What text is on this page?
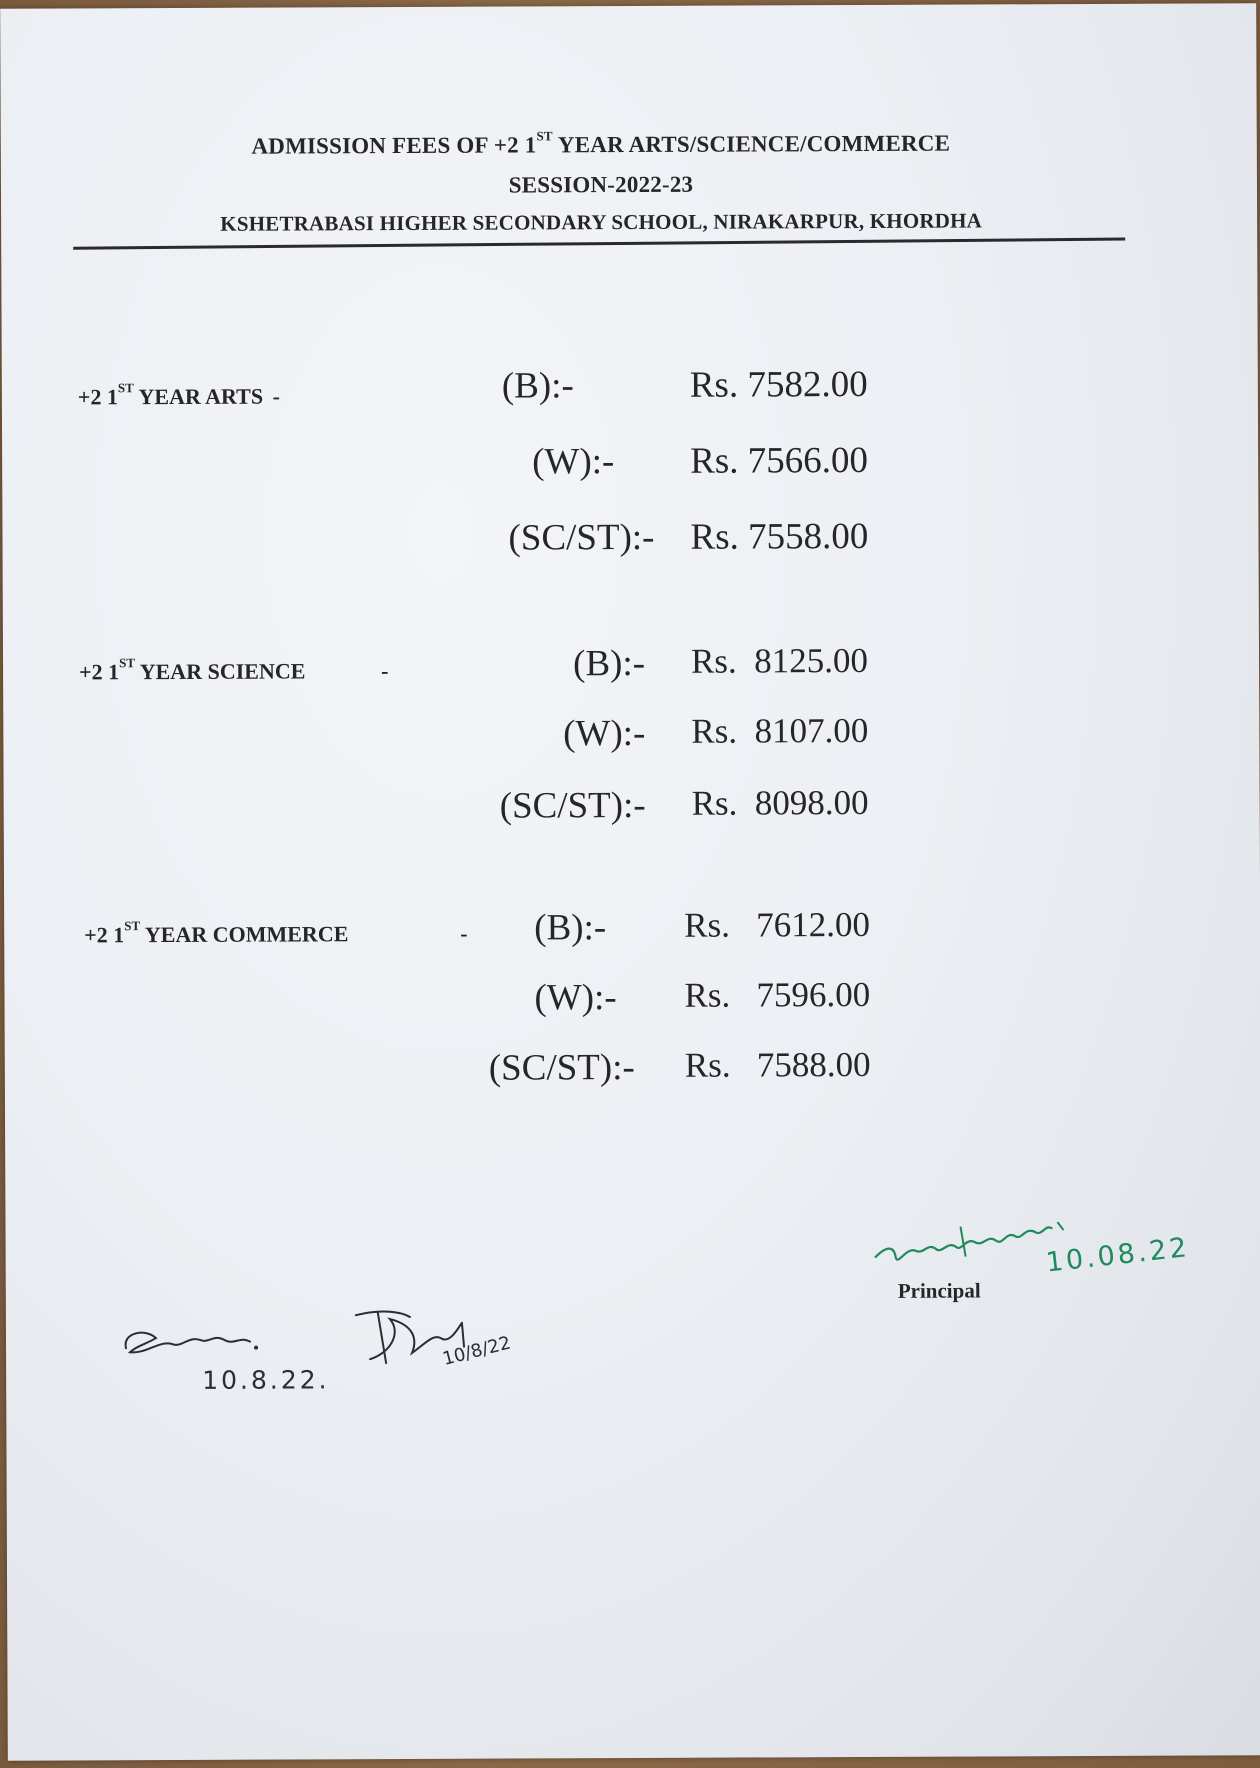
ADMISSION FEES OF +2 1ST YEAR ARTS/SCIENCE/COMMERCE
SESSION-2022-23
KSHETRABASI HIGHER SECONDARY SCHOOL, NIRAKARPUR, KHORDHA
+2 1ST YEAR ARTS -	(B):-	Rs. 7582.00
(W):-	Rs. 7566.00
(SC/ST):- Rs. 7558.00
+2 1ST YEAR SCIENCE	-	(B):- Rs.  8125.00
(W):- Rs.  8107.00
(SC/ST):- Rs.  8098.00
+2 1ST YEAR COMMERCE	- (B):-	Rs.   7612.00
(W):-	Rs.   7596.00
(SC/ST):-	Rs.   7588.00
Principal
10.08.22
10.8.22.
10/8/22
